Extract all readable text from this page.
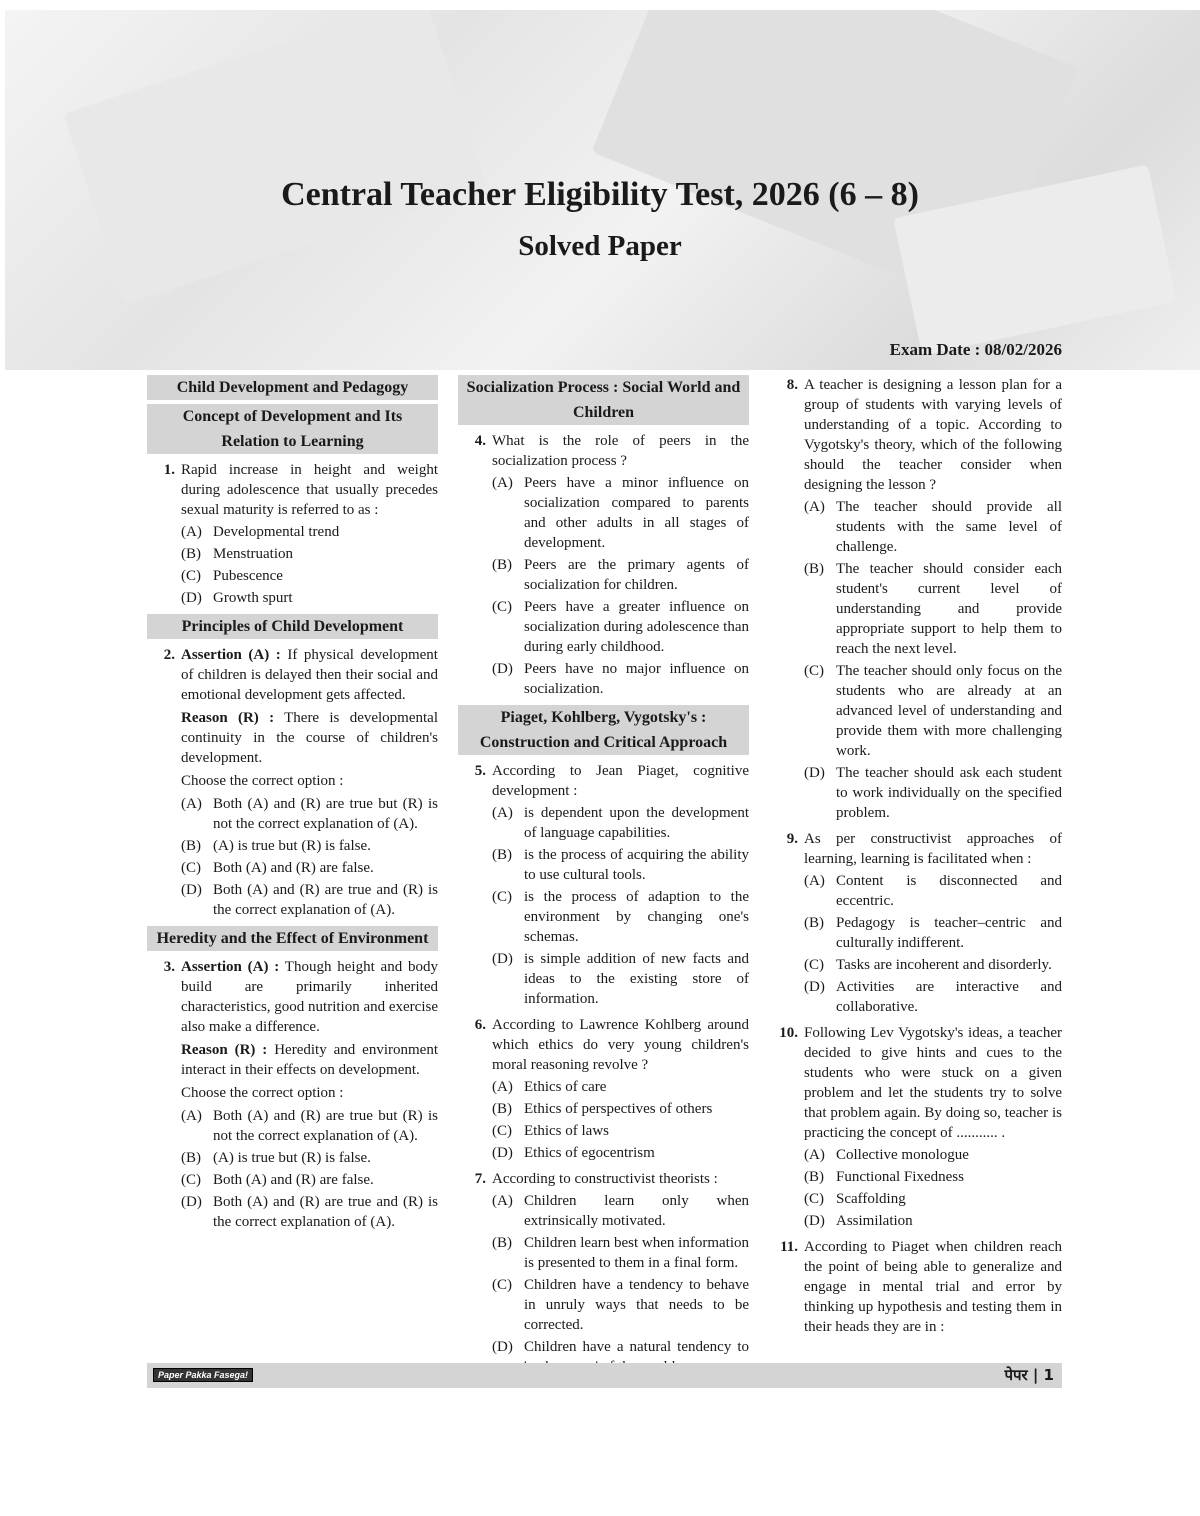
Central Teacher Eligibility Test, 2026 (6 – 8)
Solved Paper
Exam Date : 08/02/2026
Child Development and Pedagogy
Concept of Development and Its Relation to Learning
1. Rapid increase in height and weight during adolescence that usually precedes sexual maturity is referred to as :
(A) Developmental trend
(B) Menstruation
(C) Pubescence
(D) Growth spurt
Principles of Child Development
2. Assertion (A) : If physical development of children is delayed then their social and emotional development gets affected.
Reason (R) : There is developmental continuity in the course of children's development.
Choose the correct option :
(A) Both (A) and (R) are true but (R) is not the correct explanation of (A).
(B) (A) is true but (R) is false.
(C) Both (A) and (R) are false.
(D) Both (A) and (R) are true and (R) is the correct explanation of (A).
Heredity and the Effect of Environment
3. Assertion (A) : Though height and body build are primarily inherited characteristics, good nutrition and exercise also make a difference.
Reason (R) : Heredity and environment interact in their effects on development.
Choose the correct option :
(A) Both (A) and (R) are true but (R) is not the correct explanation of (A).
(B) (A) is true but (R) is false.
(C) Both (A) and (R) are false.
(D) Both (A) and (R) are true and (R) is the correct explanation of (A).
Socialization Process : Social World and Children
4. What is the role of peers in the socialization process ?
(A) Peers have a minor influence on socialization compared to parents and other adults in all stages of development.
(B) Peers are the primary agents of socialization for children.
(C) Peers have a greater influence on socialization during adolescence than during early childhood.
(D) Peers have no major influence on socialization.
Piaget, Kohlberg, Vygotsky's : Construction and Critical Approach
5. According to Jean Piaget, cognitive development :
(A) is dependent upon the development of language capabilities.
(B) is the process of acquiring the ability to use cultural tools.
(C) is the process of adaption to the environment by changing one's schemas.
(D) is simple addition of new facts and ideas to the existing store of information.
6. According to Lawrence Kohlberg around which ethics do very young children's moral reasoning revolve ?
(A) Ethics of care
(B) Ethics of perspectives of others
(C) Ethics of laws
(D) Ethics of egocentrism
7. According to constructivist theorists :
(A) Children learn only when extrinsically motivated.
(B) Children learn best when information is presented to them in a final form.
(C) Children have a tendency to behave in unruly ways that needs to be corrected.
(D) Children have a natural tendency to
8. A teacher is designing a lesson plan for a group of students with varying levels of understanding of a topic. According to Vygotsky's theory, which of the following should the teacher consider when designing the lesson ?
(A) The teacher should provide all students with the same level of challenge.
(B) The teacher should consider each student's current level of understanding and provide appropriate support to help them to reach the next level.
(C) The teacher should only focus on the students who are already at an advanced level of understanding and provide them with more challenging work.
(D) The teacher should ask each student to work individually on the specified problem.
9. As per constructivist approaches of learning, learning is facilitated when :
(A) Content is disconnected and eccentric.
(B) Pedagogy is teacher–centric and culturally indifferent.
(C) Tasks are incoherent and disorderly.
(D) Activities are interactive and collaborative.
10. Following Lev Vygotsky's ideas, a teacher decided to give hints and cues to the students who were stuck on a given problem and let the students try to solve that problem again. By doing so, teacher is practicing the concept of ........... .
(A) Collective monologue
(B) Functional Fixedness
(C) Scaffolding
(D) Assimilation
11. According to Piaget when children reach the point of being able to generalize and engage in mental trial and error by thinking up hypothesis and testing them in their heads they are in :
Paper Pakka Fasega!	पेपर | 1
